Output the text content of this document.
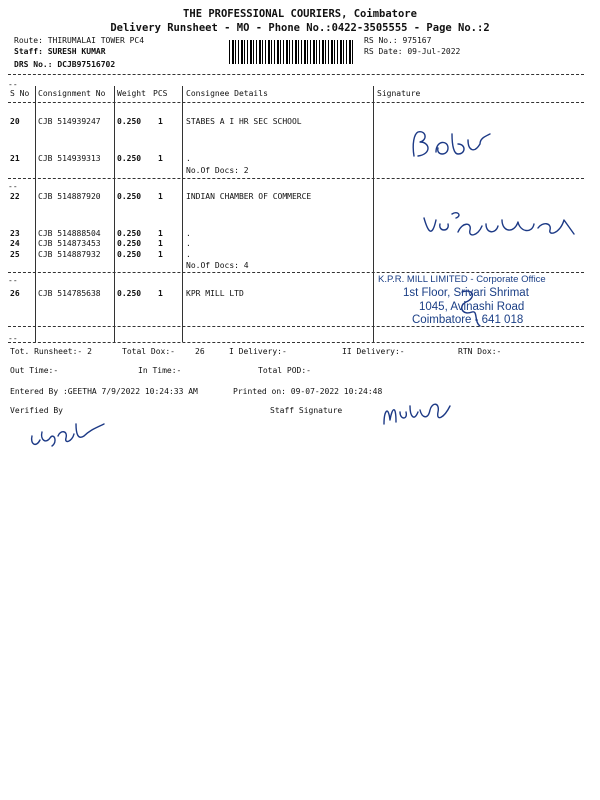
THE PROFESSIONAL COURIERS, Coimbatore
Delivery Runsheet - MO - Phone No.:0422-3505555 - Page No.:2
Route: THIRUMALAI TOWER PC4
Staff: SURESH KUMAR
DRS No.: DCJB97516702
RS No.: 975167
RS Date: 09-Jul-2022
--
S No Consignment No Weight PCS Consignee Details	Signature
20 CJB 514939247 0.250 1	STABES A I HR SEC SCHOOL
21 CJB 514939313 0.250 1	.
No.Of Docs: 2
--
22 CJB 514887920 0.250 1	INDIAN CHAMBER OF COMMERCE
23 CJB 514888504 0.250 1	.
24 CJB 514873453 0.250 1	.
25 CJB 514887932 0.250 1	.
No.Of Docs: 4
--
26 CJB 514785638 0.250 1	KPR MILL LTD
K.P.R. MILL LIMITED - Corporate Office
1st Floor, Srivari Shrimat
1045, Avinashi Road
Coimbatore - 641 018
--
Tot. Runsheet:- 2	Total Dox:-	26	I Delivery:-	II Delivery:-	RTN Dox:-
Out Time:-	In Time:-	Total POD:-
Entered By :GEETHA 7/9/2022 10:24:33 AM	Printed on: 09-07-2022 10:24:48
Verified By	Staff Signature
